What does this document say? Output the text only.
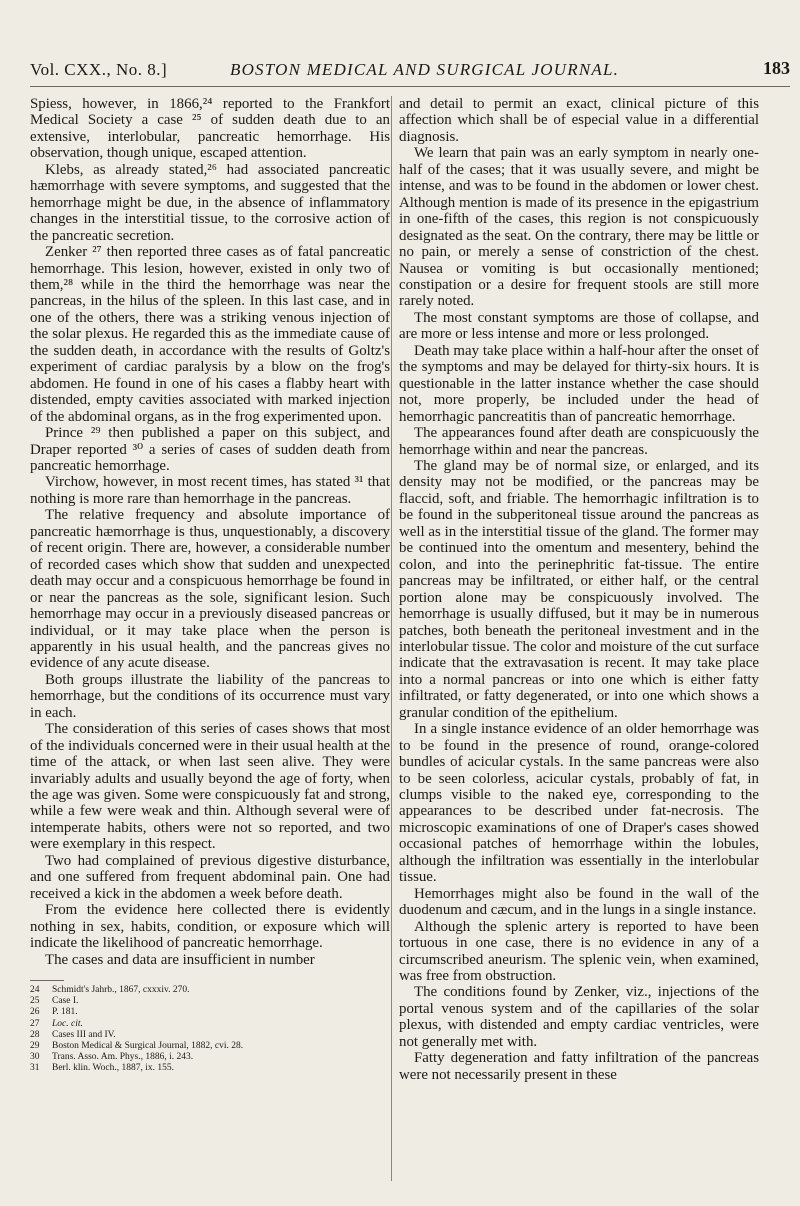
Vol. CXX., No. 8.]	BOSTON MEDICAL AND SURGICAL JOURNAL.	183

Spiess, however, in 1866,²⁴ reported to the Frankfort Medical Society a case ²⁵ of sudden death due to an extensive, interlobular, pancreatic hemorrhage. His observation, though unique, escaped attention.

Klebs, as already stated,²⁶ had associated pancreatic hæmorrhage with severe symptoms, and suggested that the hemorrhage might be due, in the absence of inflammatory changes in the interstitial tissue, to the corrosive action of the pancreatic secretion.

Zenker ²⁷ then reported three cases as of fatal pancreatic hemorrhage. This lesion, however, existed in only two of them,²⁸ while in the third the hemorrhage was near the pancreas, in the hilus of the spleen. In this last case, and in one of the others, there was a striking venous injection of the solar plexus. He regarded this as the immediate cause of the sudden death, in accordance with the results of Goltz's experiment of cardiac paralysis by a blow on the frog's abdomen. He found in one of his cases a flabby heart with distended, empty cavities associated with marked injection of the abdominal organs, as in the frog experimented upon.

Prince ²⁹ then published a paper on this subject, and Draper reported ³⁰ a series of cases of sudden death from pancreatic hemorrhage.

Virchow, however, in most recent times, has stated ³¹ that nothing is more rare than hemorrhage in the pancreas.

The relative frequency and absolute importance of pancreatic hæmorrhage is thus, unquestionably, a discovery of recent origin. There are, however, a considerable number of recorded cases which show that sudden and unexpected death may occur and a conspicuous hemorrhage be found in or near the pancreas as the sole, significant lesion. Such hemorrhage may occur in a previously diseased pancreas or individual, or it may take place when the person is apparently in his usual health, and the pancreas gives no evidence of any acute disease.

Both groups illustrate the liability of the pancreas to hemorrhage, but the conditions of its occurrence must vary in each.

The consideration of this series of cases shows that most of the individuals concerned were in their usual health at the time of the attack, or when last seen alive. They were invariably adults and usually beyond the age of forty, when the age was given. Some were conspicuously fat and strong, while a few were weak and thin. Although several were of intemperate habits, others were not so reported, and two were exemplary in this respect.

Two had complained of previous digestive disturbance, and one suffered from frequent abdominal pain. One had received a kick in the abdomen a week before death.

From the evidence here collected there is evidently nothing in sex, habits, condition, or exposure which will indicate the likelihood of pancreatic hemorrhage.

The cases and data are insufficient in number

24 Schmidt's Jahrb., 1867, cxxxiv. 270.
25 Case I.
26 P. 181.
27 Loc. cit.
28 Cases III and IV.
29 Boston Medical & Surgical Journal, 1882, cvi. 28.
30 Trans. Asso. Am. Phys., 1886, i. 243.
31 Berl. klin. Woch., 1887, ix. 155.

and detail to permit an exact, clinical picture of this affection which shall be of especial value in a differential diagnosis.

We learn that pain was an early symptom in nearly one-half of the cases; that it was usually severe, and might be intense, and was to be found in the abdomen or lower chest. Although mention is made of its presence in the epigastrium in one-fifth of the cases, this region is not conspicuously designated as the seat. On the contrary, there may be little or no pain, or merely a sense of constriction of the chest. Nausea or vomiting is but occasionally mentioned; constipation or a desire for frequent stools are still more rarely noted.

The most constant symptoms are those of collapse, and are more or less intense and more or less prolonged.

Death may take place within a half-hour after the onset of the symptoms and may be delayed for thirty-six hours. It is questionable in the latter instance whether the case should not, more properly, be included under the head of hemorrhagic pancreatitis than of pancreatic hemorrhage.

The appearances found after death are conspicuously the hemorrhage within and near the pancreas.

The gland may be of normal size, or enlarged, and its density may not be modified, or the pancreas may be flaccid, soft, and friable. The hemorrhagic infiltration is to be found in the subperitoneal tissue around the pancreas as well as in the interstitial tissue of the gland. The former may be continued into the omentum and mesentery, behind the colon, and into the perinephritic fat-tissue. The entire pancreas may be infiltrated, or either half, or the central portion alone may be conspicuously involved. The hemorrhage is usually diffused, but it may be in numerous patches, both beneath the peritoneal investment and in the interlobular tissue. The color and moisture of the cut surface indicate that the extravasation is recent. It may take place into a normal pancreas or into one which is either fatty infiltrated, or fatty degenerated, or into one which shows a granular condition of the epithelium.

In a single instance evidence of an older hemorrhage was to be found in the presence of round, orange-colored bundles of acicular cystals. In the same pancreas were also to be seen colorless, acicular cystals, probably of fat, in clumps visible to the naked eye, corresponding to the appearances to be described under fat-necrosis. The microscopic examinations of one of Draper's cases showed occasional patches of hemorrhage within the lobules, although the infiltration was essentially in the interlobular tissue.

Hemorrhages might also be found in the wall of the duodenum and cæcum, and in the lungs in a single instance.

Although the splenic artery is reported to have been tortuous in one case, there is no evidence in any of a circumscribed aneurism. The splenic vein, when examined, was free from obstruction.

The conditions found by Zenker, viz., injections of the portal venous system and of the capillaries of the solar plexus, with distended and empty cardiac ventricles, were not generally met with.

Fatty degeneration and fatty infiltration of the pancreas were not necessarily present in these
